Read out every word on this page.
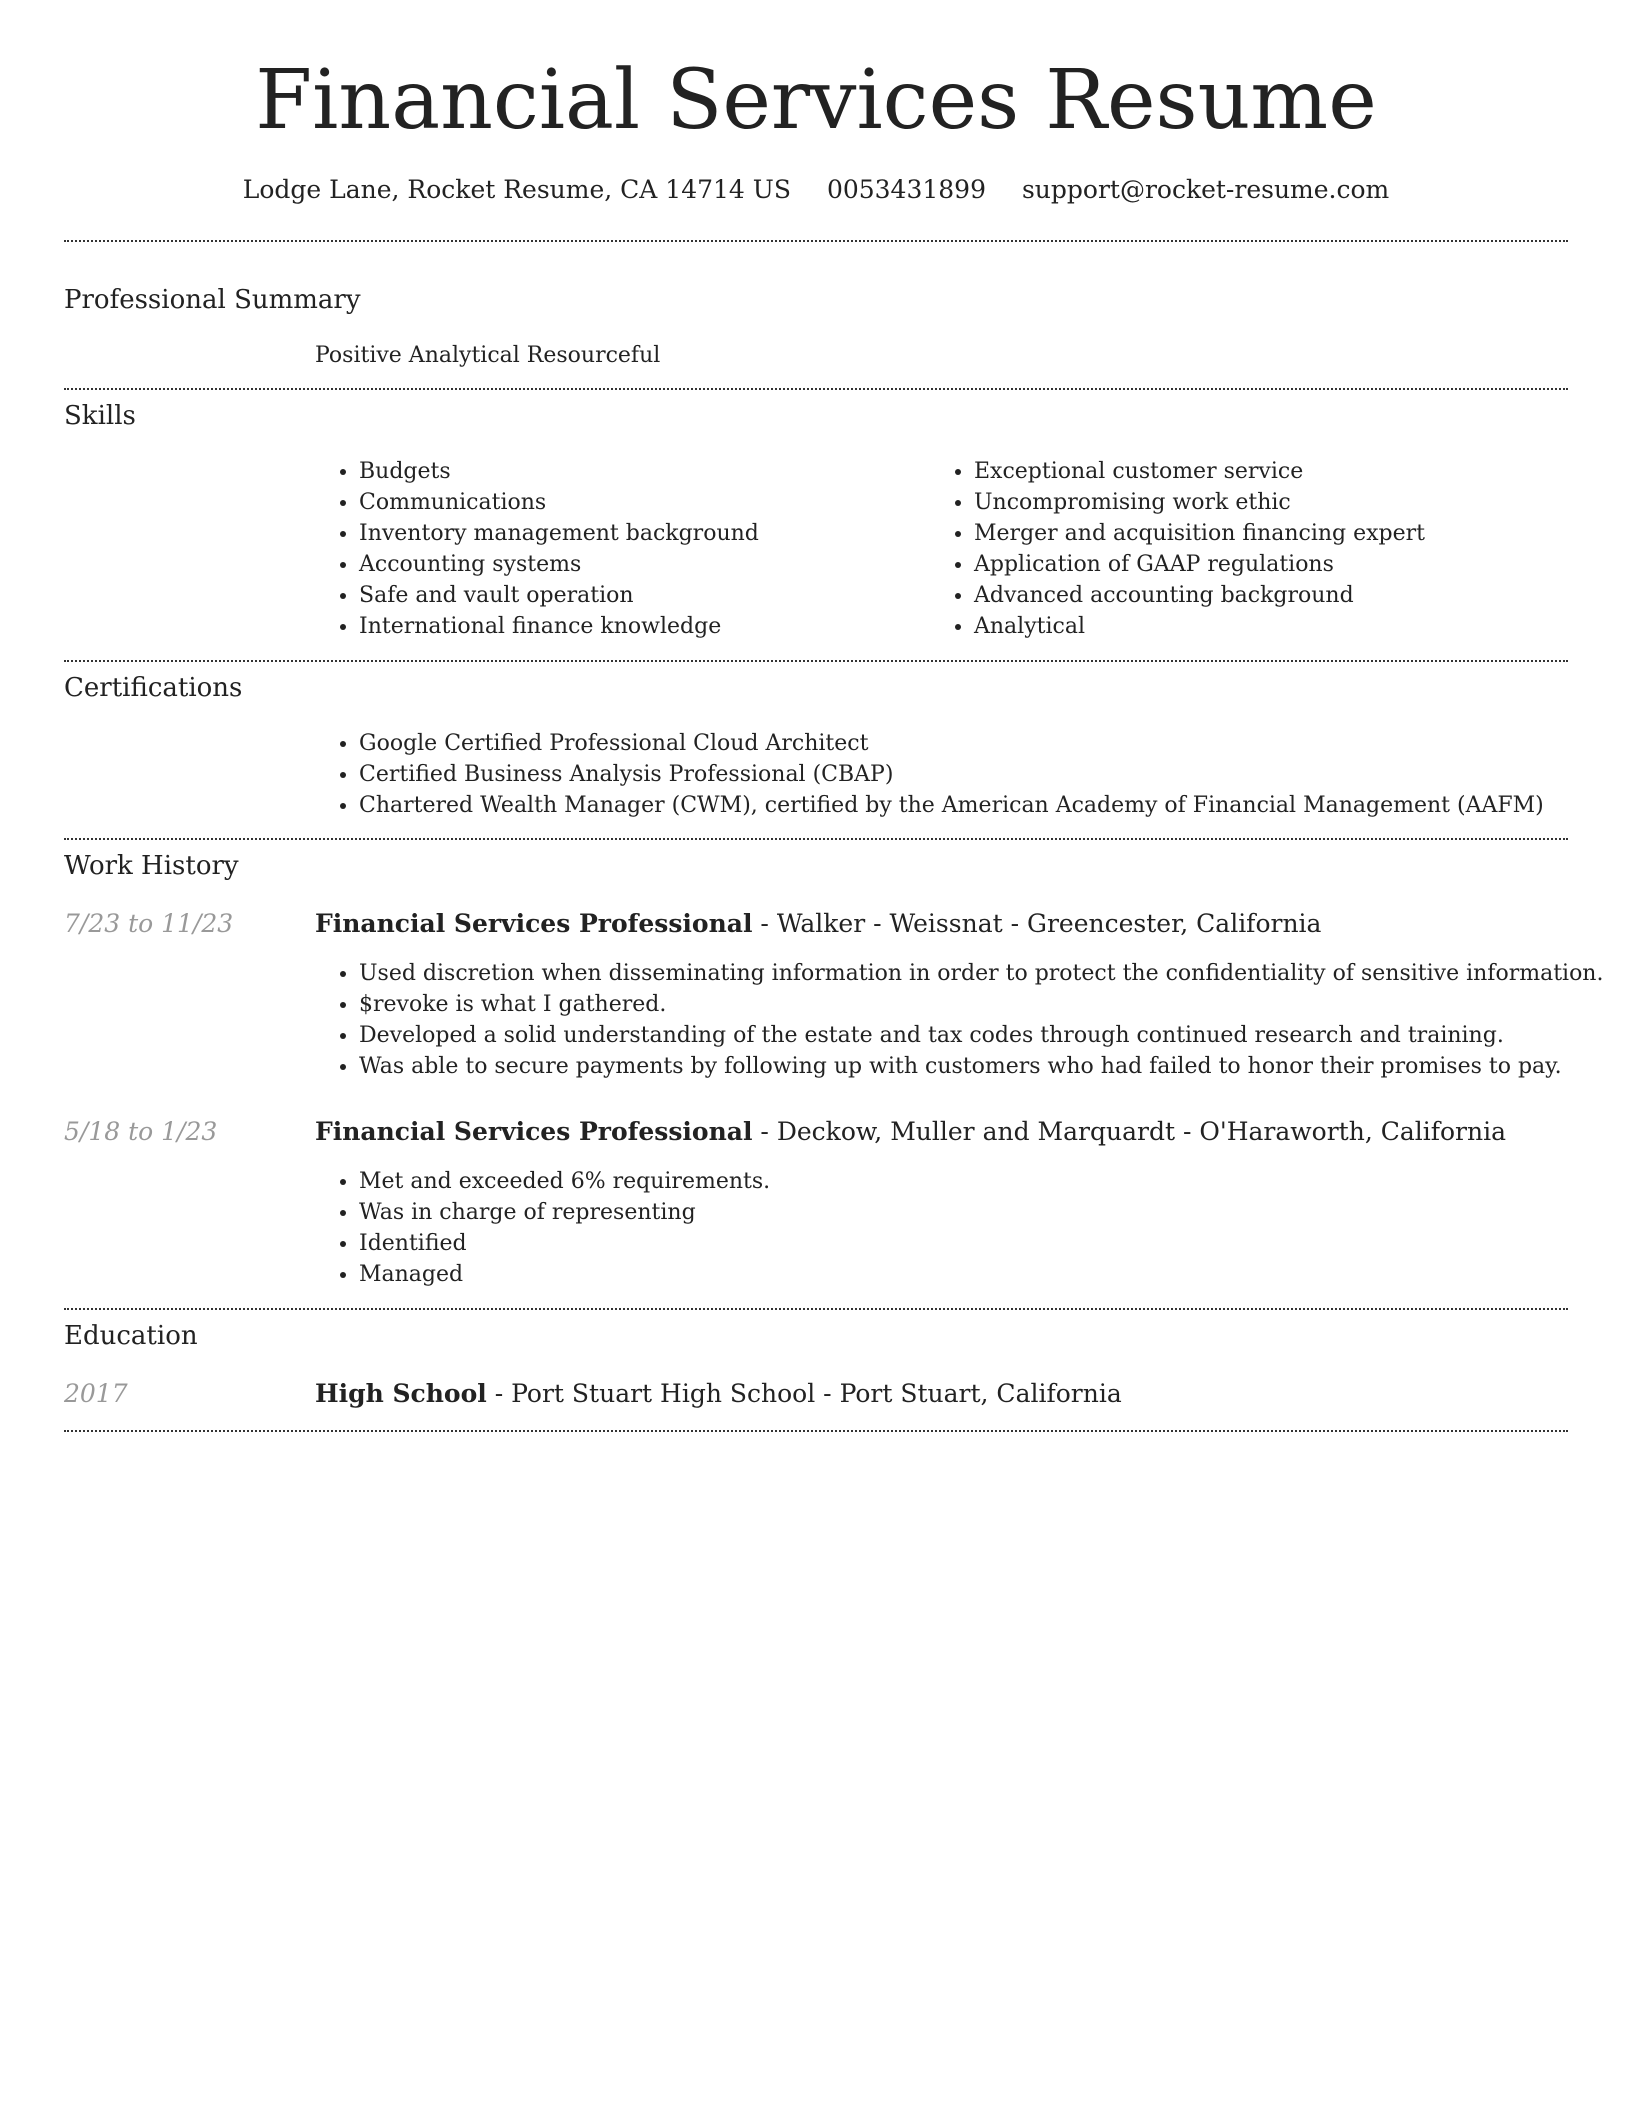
Financial Services Resume
Lodge Lane, Rocket Resume, CA 14714 US 0053431899 support@rocket-resume.com
Professional Summary
Positive Analytical Resourceful
Skills
• Budgets
• Communications
• Inventory management background
• Accounting systems
• Safe and vault operation
• International finance knowledge
• Exceptional customer service
• Uncompromising work ethic
• Merger and acquisition financing expert
• Application of GAAP regulations
• Advanced accounting background
• Analytical
Certifications
• Google Certified Professional Cloud Architect
• Certified Business Analysis Professional (CBAP)
• Chartered Wealth Manager (CWM), certified by the American Academy of Financial Management (AAFM)
Work History
7/23 to 11/23	Financial Services Professional - Walker - Weissnat - Greencester, California
• Used discretion when disseminating information in order to protect the confidentiality of sensitive information.
• $revoke is what I gathered.
• Developed a solid understanding of the estate and tax codes through continued research and training.
• Was able to secure payments by following up with customers who had failed to honor their promises to pay.
5/18 to 1/23	Financial Services Professional - Deckow, Muller and Marquardt - O'Haraworth, California
• Met and exceeded 6% requirements.
• Was in charge of representing
• Identified
• Managed
Education
2017	High School - Port Stuart High School - Port Stuart, California
